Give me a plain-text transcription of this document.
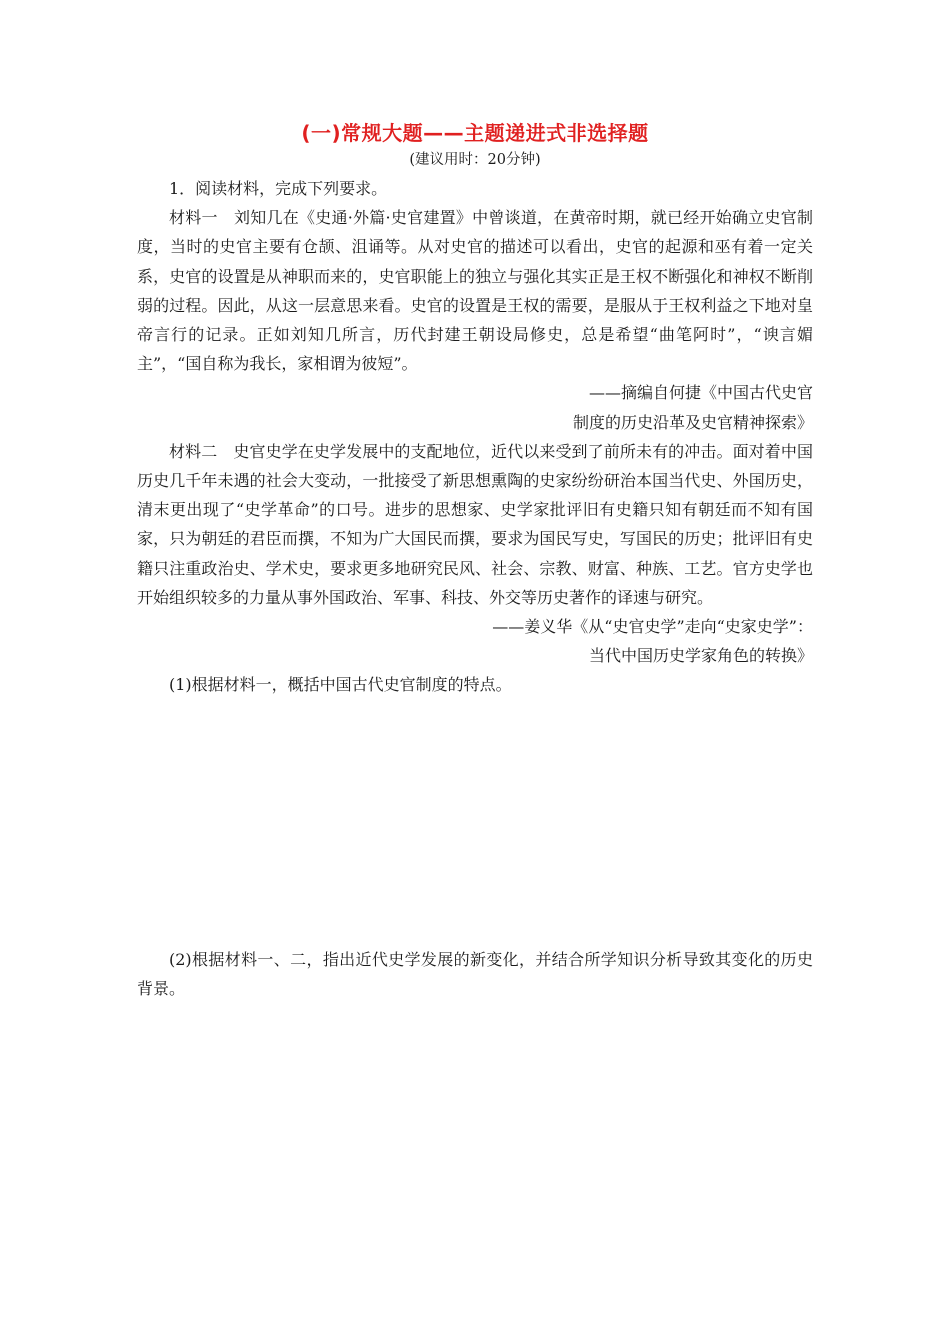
(一)常规大题——主题递进式非选择题
(建议用时：20分钟)

1．阅读材料，完成下列要求。

材料一　刘知几在《史通·外篇·史官建置》中曾谈道，在黄帝时期，就已经开始确立史官制度，当时的史官主要有仓颉、沮诵等。从对史官的描述可以看出，史官的起源和巫有着一定关系，史官的设置是从神职而来的，史官职能上的独立与强化其实正是王权不断强化和神权不断削弱的过程。因此，从这一层意思来看。史官的设置是王权的需要，是服从于王权利益之下地对皇帝言行的记录。正如刘知几所言，历代封建王朝设局修史，总是希望“曲笔阿时”，“谀言媚主”，“国自称为我长，家相谓为彼短”。

——摘编自何捷《中国古代史官
制度的历史沿革及史官精神探索》

材料二　史官史学在史学发展中的支配地位，近代以来受到了前所未有的冲击。面对着中国历史几千年未遇的社会大变动，一批接受了新思想熏陶的史家纷纷研治本国当代史、外国历史，清末更出现了“史学革命”的口号。进步的思想家、史学家批评旧有史籍只知有朝廷而不知有国家，只为朝廷的君臣而撰，不知为广大国民而撰，要求为国民写史，写国民的历史；批评旧有史籍只注重政治史、学术史，要求更多地研究民风、社会、宗教、财富、种族、工艺。官方史学也开始组织较多的力量从事外国政治、军事、科技、外交等历史著作的译速与研究。

——姜义华《从“史官史学”走向“史家史学”：
当代中国历史学家角色的转换》

(1)根据材料一，概括中国古代史官制度的特点。

(2)根据材料一、二，指出近代史学发展的新变化，并结合所学知识分析导致其变化的历史背景。
